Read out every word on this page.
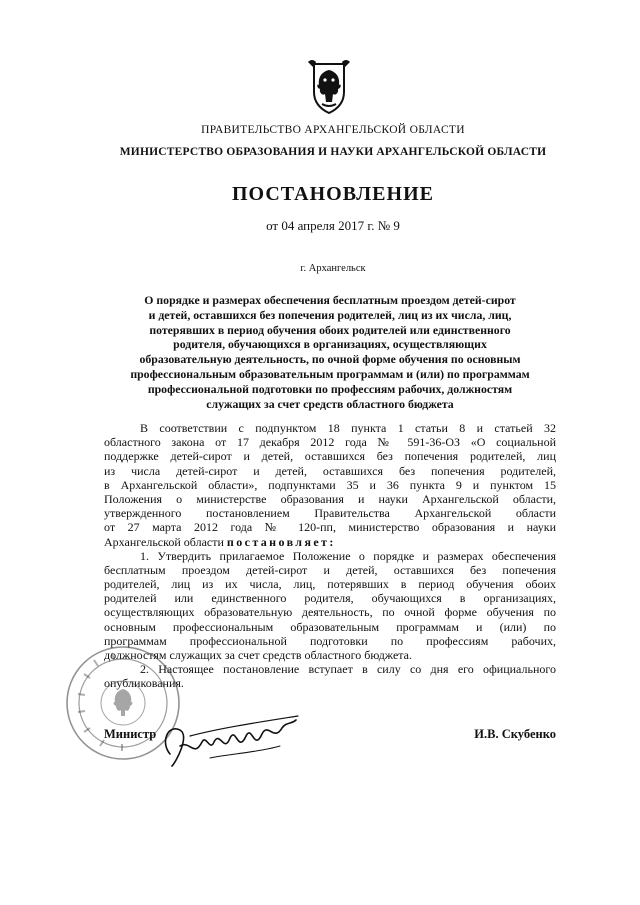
ПРАВИТЕЛЬСТВО АРХАНГЕЛЬСКОЙ ОБЛАСТИ
МИНИСТЕРСТВО ОБРАЗОВАНИЯ И НАУКИ АРХАНГЕЛЬСКОЙ ОБЛАСТИ
ПОСТАНОВЛЕНИЕ
от 04 апреля 2017 г. № 9
г. Архангельск
О порядке и размерах обеспечения бесплатным проездом детей-сирот
и детей, оставшихся без попечения родителей, лиц из их числа, лиц,
потерявших в период обучения обоих родителей или единственного
родителя, обучающихся в организациях, осуществляющих
образовательную деятельность, по очной форме обучения по основным
профессиональным образовательным программам и (или) по программам
профессиональной подготовки по профессиям рабочих, должностям
служащих за счет средств областного бюджета
В соответствии с подпунктом 18 пункта 1 статьи 8 и статьей 32
областного закона от 17 декабря 2012 года № 591-36-ОЗ «О социальной
поддержке детей-сирот и детей, оставшихся без попечения родителей, лиц
из числа детей-сирот и детей, оставшихся без попечения родителей,
в Архангельской области», подпунктами 35 и 36 пункта 9 и пунктом 15
Положения о министерстве образования и науки Архангельской области,
утвержденного постановлением Правительства Архангельской области
от 27 марта 2012 года № 120-пп, министерство образования и науки
Архангельской области постановляет:
1. Утвердить прилагаемое Положение о порядке и размерах обеспечения
бесплатным проездом детей-сирот и детей, оставшихся без попечения
родителей, лиц из их числа, лиц, потерявших в период обучения обоих
родителей или единственного родителя, обучающихся в организациях,
осуществляющих образовательную деятельность, по очной форме обучения по
основным профессиональным образовательным программам и (или) по
программам профессиональной подготовки по профессиям рабочих,
должностям служащих за счет средств областного бюджета.
2. Настоящее постановление вступает в силу со дня его официального
опубликования.
Министр	И.В. Скубенко
